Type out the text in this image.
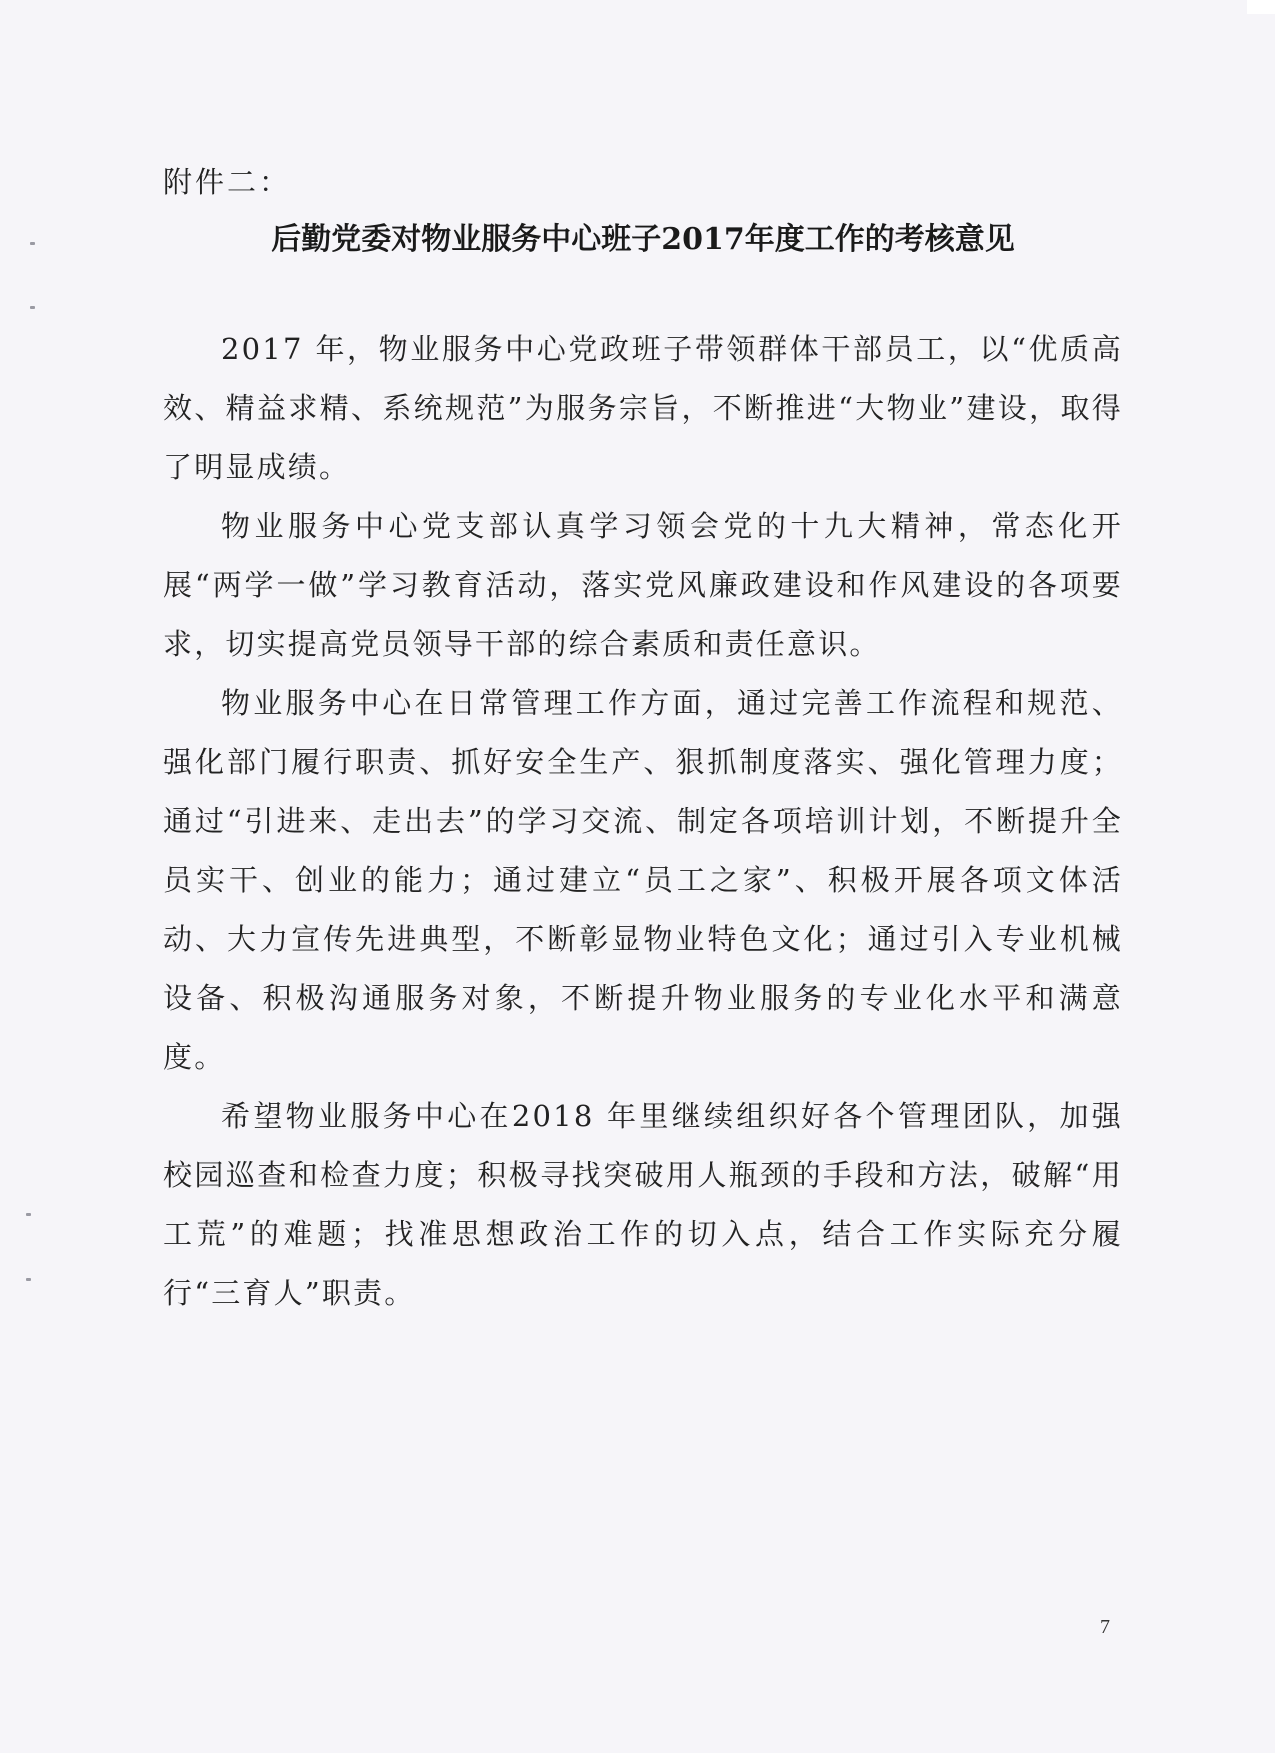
附件二：

后勤党委对物业服务中心班子2017年度工作的考核意见

2017 年，物业服务中心党政班子带领群体干部员工，以“优质高效、精益求精、系统规范”为服务宗旨，不断推进“大物业”建设，取得了明显成绩。

物业服务中心党支部认真学习领会党的十九大精神，常态化开展“两学一做”学习教育活动，落实党风廉政建设和作风建设的各项要求，切实提高党员领导干部的综合素质和责任意识。

物业服务中心在日常管理工作方面，通过完善工作流程和规范、强化部门履行职责、抓好安全生产、狠抓制度落实、强化管理力度；通过“引进来、走出去”的学习交流、制定各项培训计划，不断提升全员实干、创业的能力；通过建立“员工之家”、积极开展各项文体活动、大力宣传先进典型，不断彰显物业特色文化；通过引入专业机械设备、积极沟通服务对象，不断提升物业服务的专业化水平和满意度。

希望物业服务中心在2018 年里继续组织好各个管理团队，加强校园巡查和检查力度；积极寻找突破用人瓶颈的手段和方法，破解“用工荒”的难题；找准思想政治工作的切入点，结合工作实际充分履行“三育人”职责。

7
